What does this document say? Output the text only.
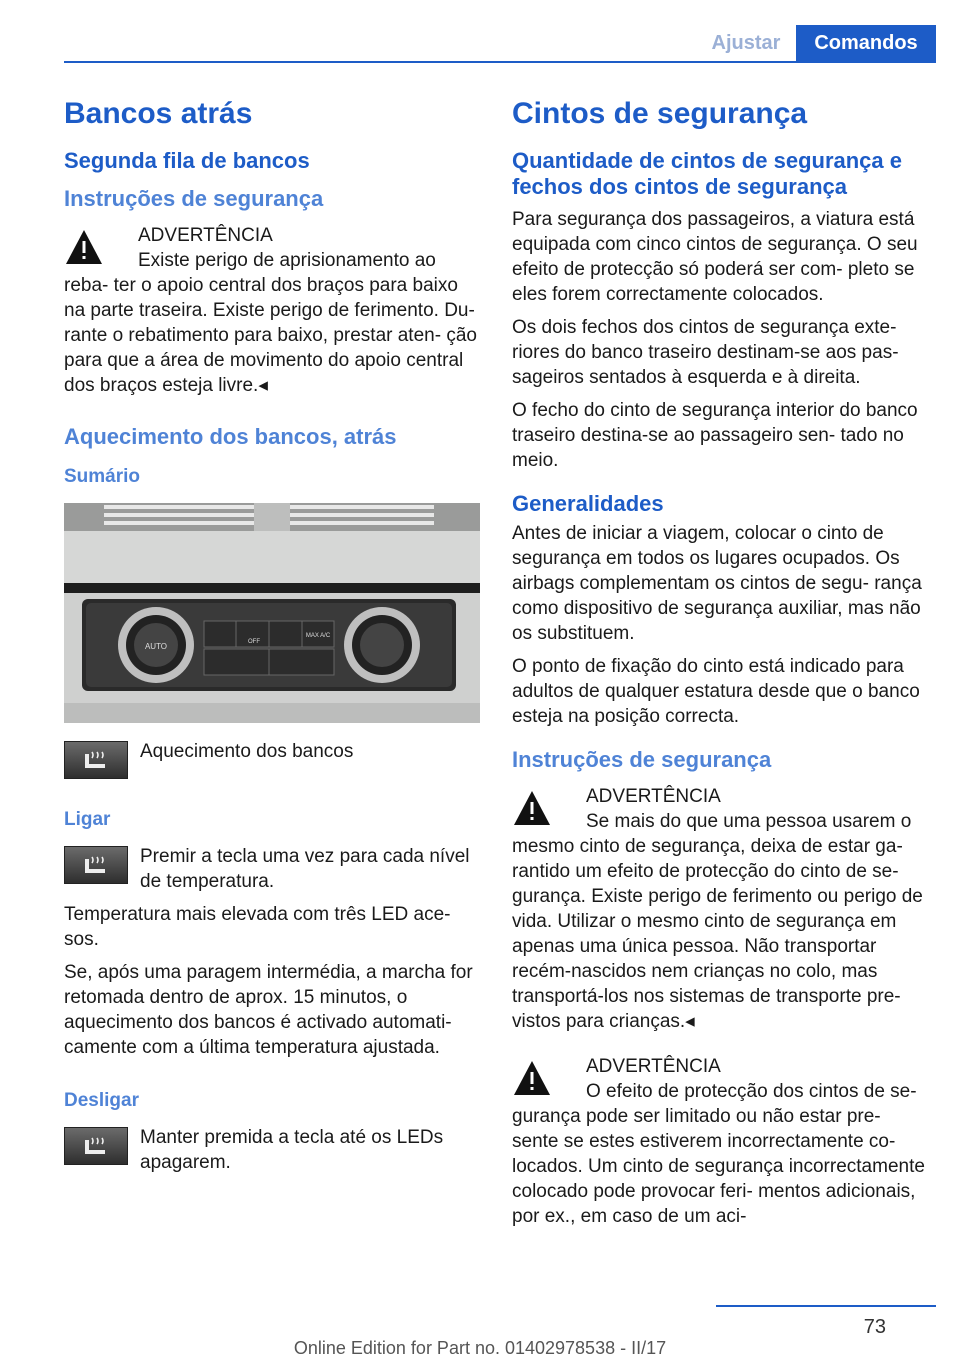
Ajustar	Comandos
Bancos atrás
Segunda fila de bancos
Instruções de segurança
ADVERTÊNCIA
Existe perigo de aprisionamento ao reba- ter o apoio central dos braços para baixo na parte traseira. Existe perigo de ferimento. Du- rante o rebatimento para baixo, prestar aten- ção para que a área de movimento do apoio central dos braços esteja livre.◂
Aquecimento dos bancos, atrás
Sumário
AUTO	OFF
MAX A/C

Aquecimento dos bancos

Ligar

Premir a tecla uma vez para cada nível de temperatura.

Temperatura mais elevada com três LED ace- sos.

Se, após uma paragem intermédia, a marcha for retomada dentro de aprox. 15 minutos, o aquecimento dos bancos é activado automati- camente com a última temperatura ajustada.

Desligar

Manter premida a tecla até os LEDs apagarem.

Cintos de segurança
Quantidade de cintos de segurança e fechos dos cintos de segurança

Para segurança dos passageiros, a viatura está equipada com cinco cintos de segurança. O seu efeito de protecção só poderá ser com- pleto se eles forem correctamente colocados.

Os dois fechos dos cintos de segurança exte- riores do banco traseiro destinam-se aos pas- sageiros sentados à esquerda e à direita.

O fecho do cinto de segurança interior do banco traseiro destina-se ao passageiro sen- tado no meio.

Generalidades

Antes de iniciar a viagem, colocar o cinto de segurança em todos os lugares ocupados. Os airbags complementam os cintos de segu- rança como dispositivo de segurança auxiliar, mas não os substituem.

O ponto de fixação do cinto está indicado para adultos de qualquer estatura desde que o banco esteja na posição correcta.

Instruções de segurança
ADVERTÊNCIA
Se mais do que uma pessoa usarem o mesmo cinto de segurança, deixa de estar ga- rantido um efeito de protecção do cinto de se- gurança. Existe perigo de ferimento ou perigo de vida. Utilizar o mesmo cinto de segurança em apenas uma única pessoa. Não transportar recém-nascidos nem crianças no colo, mas transportá-los nos sistemas de transporte pre- vistos para crianças.◂
ADVERTÊNCIA
O efeito de protecção dos cintos de se- gurança pode ser limitado ou não estar pre- sente se estes estiverem incorrectamente co- locados. Um cinto de segurança incorrectamente colocado pode provocar feri- mentos adicionais, por ex., em caso de um aci-
73
Online Edition for Part no. 01402978538 - II/17
